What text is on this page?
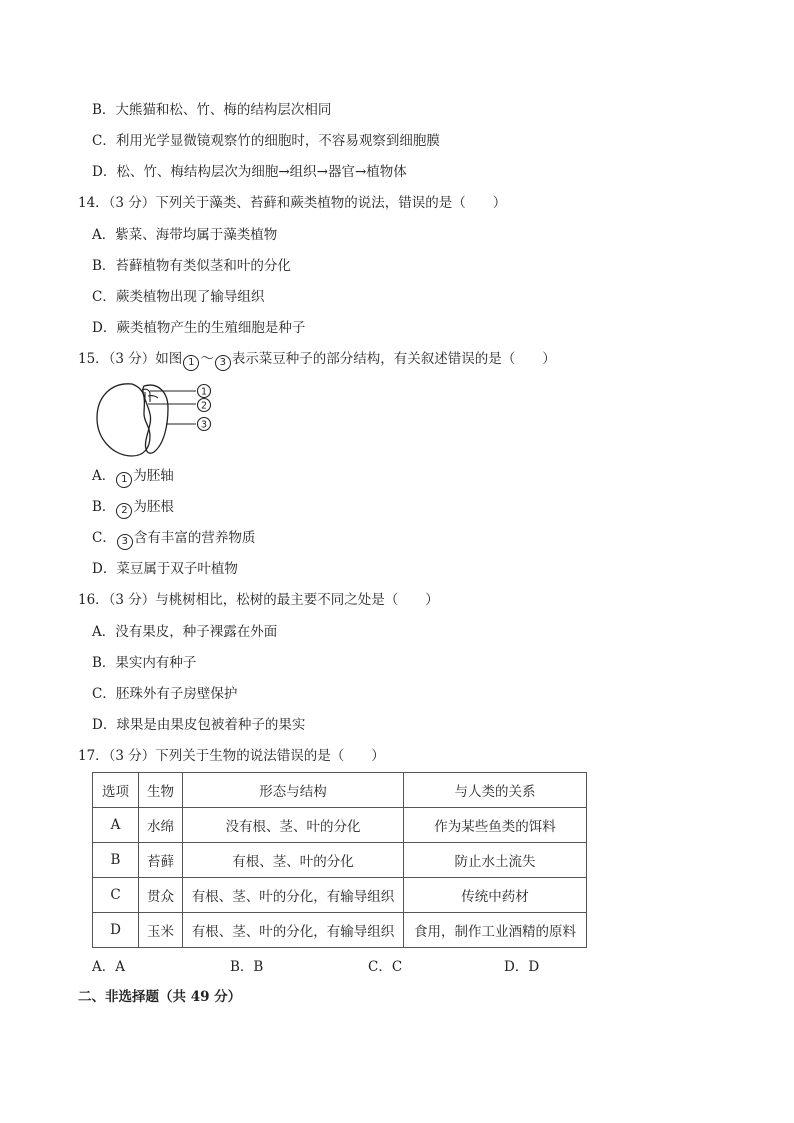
B．大熊猫和松、竹、梅的结构层次相同
C．利用光学显微镜观察竹的细胞时，不容易观察到细胞膜
D．松、竹、梅结构层次为细胞→组织→器官→植物体
14．（3 分）下列关于藻类、苔藓和蕨类植物的说法，错误的是（　　）
A．紫菜、海带均属于藻类植物
B．苔藓植物有类似茎和叶的分化
C．蕨类植物出现了输导组织
D．蕨类植物产生的生殖细胞是种子
15．（3 分）如图 1 ～ 3 表示菜豆种子的部分结构，有关叙述错误的是（　　）
1
2
3
A． 1 为胚轴
B． 2 为胚根
C． 3 含有丰富的营养物质
D．菜豆属于双子叶植物
16．（3 分）与桃树相比，松树的最主要不同之处是（　　）
A．没有果皮，种子裸露在外面
B．果实内有种子
C．胚珠外有子房壁保护
D．球果是由果皮包被着种子的果实
17．（3 分）下列关于生物的说法错误的是（　　）
选项	生物	形态与结构	与人类的关系
A	水绵	没有根、茎、叶的分化	作为某些鱼类的饵料
B	苔藓	有根、茎、叶的分化	防止水土流失
C	贯众	有根、茎、叶的分化，有输导组织	传统中药材
D	玉米	有根、茎、叶的分化，有输导组织	食用，制作工业酒精的原料
A．A	B．B	C．C	D．D
二、非选择题（共 49 分）
